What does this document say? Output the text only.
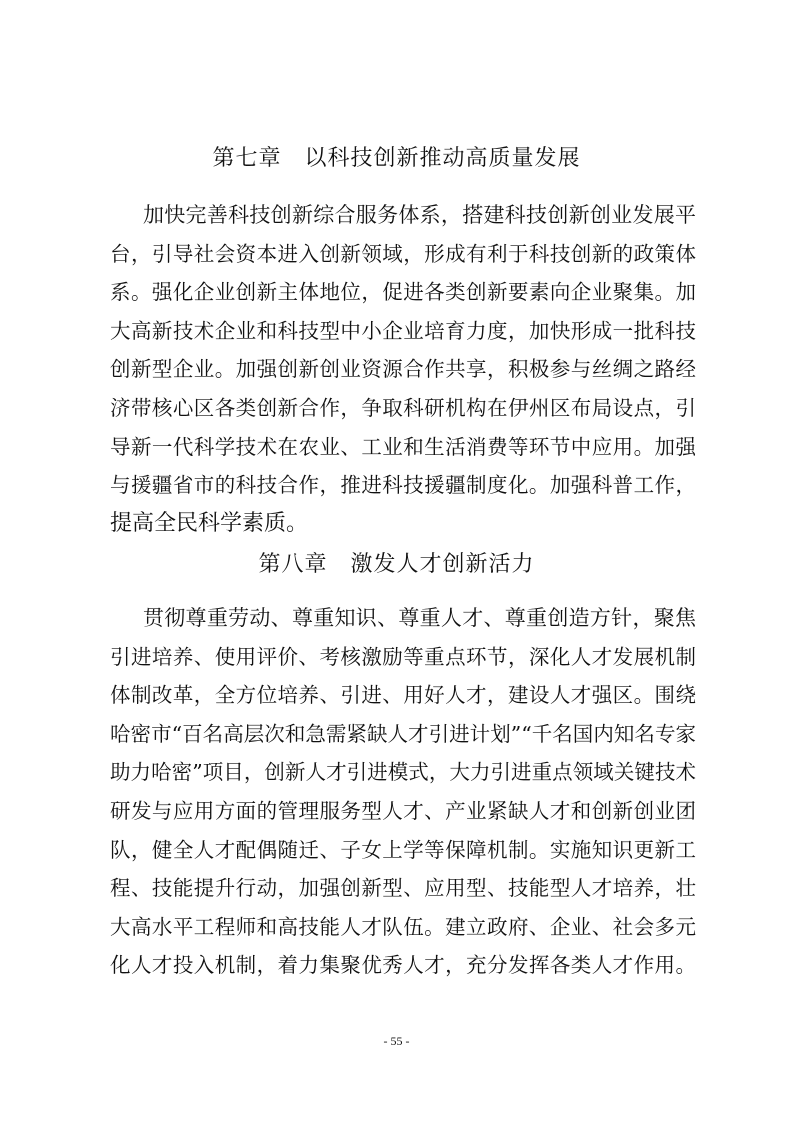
第七章　以科技创新推动高质量发展
加快完善科技创新综合服务体系，搭建科技创新创业发展平
台，引导社会资本进入创新领域，形成有利于科技创新的政策体
系。强化企业创新主体地位，促进各类创新要素向企业聚集。加
大高新技术企业和科技型中小企业培育力度，加快形成一批科技
创新型企业。加强创新创业资源合作共享，积极参与丝绸之路经
济带核心区各类创新合作，争取科研机构在伊州区布局设点，引
导新一代科学技术在农业、工业和生活消费等环节中应用。加强
与援疆省市的科技合作，推进科技援疆制度化。加强科普工作，
提高全民科学素质。
第八章　激发人才创新活力
贯彻尊重劳动、尊重知识、尊重人才、尊重创造方针，聚焦
引进培养、使用评价、考核激励等重点环节，深化人才发展机制
体制改革，全方位培养、引进、用好人才，建设人才强区。围绕
哈密市“百名高层次和急需紧缺人才引进计划”“千名国内知名专家
助力哈密”项目，创新人才引进模式，大力引进重点领域关键技术
研发与应用方面的管理服务型人才、产业紧缺人才和创新创业团
队，健全人才配偶随迁、子女上学等保障机制。实施知识更新工
程、技能提升行动，加强创新型、应用型、技能型人才培养，壮
大高水平工程师和高技能人才队伍。建立政府、企业、社会多元
化人才投入机制，着力集聚优秀人才，充分发挥各类人才作用。
- 55 -
